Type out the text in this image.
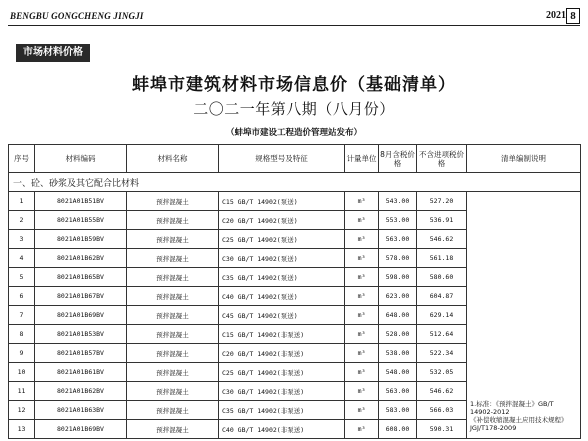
BENGBU GONGCHENG JINGJI	2021 8
市场材料价格
蚌埠市建筑材料市场信息价（基础清单）
二〇二一年第八期（八月份）
（蚌埠市建设工程造价管理站发布）
序号	材料编码	材料名称	规格型号及特征	计量单位	8月含税价格	不含进项税价格	清单编制说明
一、砼、砂浆及其它配合比材料							
1	8021A01B51BV	预拌混凝土	C15 GB/T 14902(泵送)	m³	543.00	527.20	1.标准：《预拌混凝土》GB/T 14902-2012
《补偿收缩混凝土应用技术规程》JGJ/T178-2009

2	8021A01B55BV	预拌混凝土	C20 GB/T 14902(泵送)	m³	553.00	536.91	
3	8021A01B59BV	预拌混凝土	C25 GB/T 14902(泵送)	m³	563.00	546.62	
4	8021A01B62BV	预拌混凝土	C30 GB/T 14902(泵送)	m³	578.00	561.18	
5	8021A01B65BV	预拌混凝土	C35 GB/T 14902(泵送)	m³	598.00	580.60	
6	8021A01B67BV	预拌混凝土	C40 GB/T 14902(泵送)	m³	623.00	604.87	
7	8021A01B69BV	预拌混凝土	C45 GB/T 14902(泵送)	m³	648.00	629.14	
8	8021A01B53BV	预拌混凝土	C15 GB/T 14902(非泵送)	m³	528.00	512.64	
9	8021A01B57BV	预拌混凝土	C20 GB/T 14902(非泵送)	m³	538.00	522.34	
10	8021A01B61BV	预拌混凝土	C25 GB/T 14902(非泵送)	m³	548.00	532.05	
11	8021A01B62BV	预拌混凝土	C30 GB/T 14902(非泵送)	m³	563.00	546.62	
12	8021A01B63BV	预拌混凝土	C35 GB/T 14902(非泵送)	m³	583.00	566.03	
13	8021A01B69BV	预拌混凝土	C40 GB/T 14902(非泵送)	m³	608.00	590.31	
